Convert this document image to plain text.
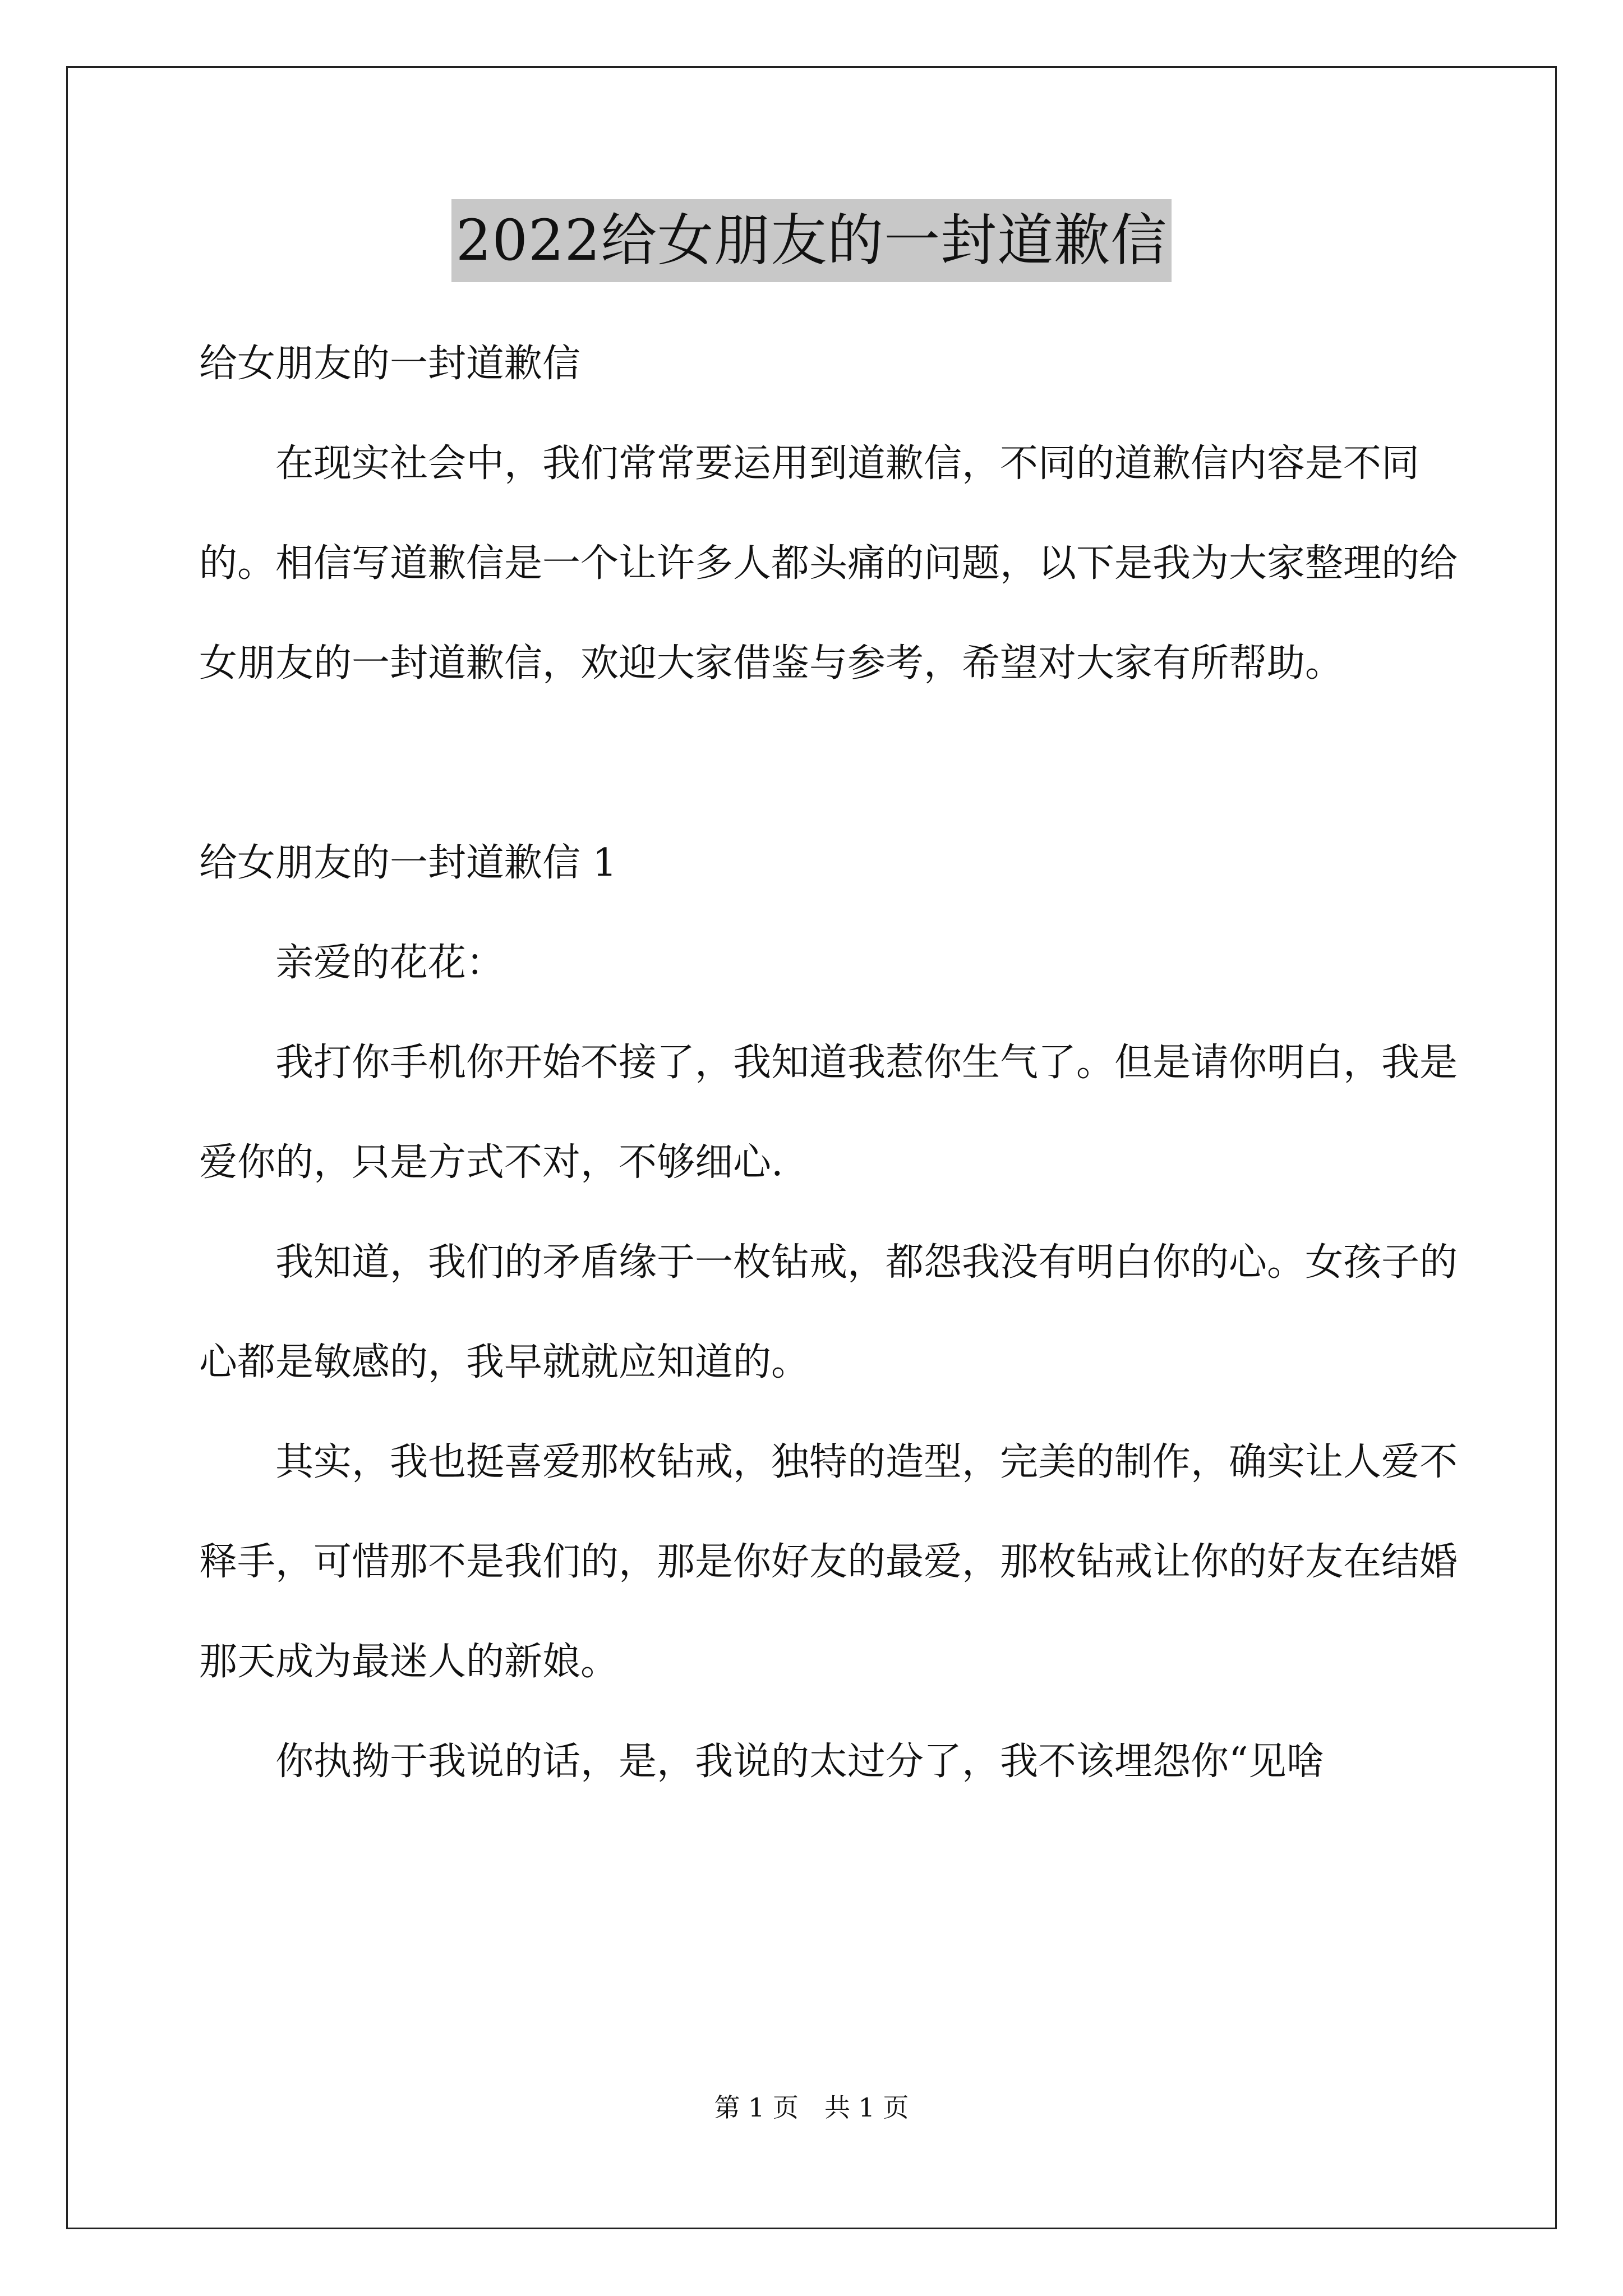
2022给女朋友的一封道歉信

给女朋友的一封道歉信

在现实社会中，我们常常要运用到道歉信，不同的道歉信内容是不同的。相信写道歉信是一个让许多人都头痛的问题，以下是我为大家整理的给女朋友的一封道歉信，欢迎大家借鉴与参考，希望对大家有所帮助。

给女朋友的一封道歉信 1

亲爱的花花：

我打你手机你开始不接了，我知道我惹你生气了。但是请你明白，我是爱你的，只是方式不对，不够细心.

我知道，我们的矛盾缘于一枚钻戒，都怨我没有明白你的心。女孩子的心都是敏感的，我早就就应知道的。

其实，我也挺喜爱那枚钻戒，独特的造型，完美的制作，确实让人爱不释手，可惜那不是我们的，那是你好友的最爱，那枚钻戒让你的好友在结婚那天成为最迷人的新娘。

你执拗于我说的话，是，我说的太过分了，我不该埋怨你“见啥

第 1 页　共 1 页
